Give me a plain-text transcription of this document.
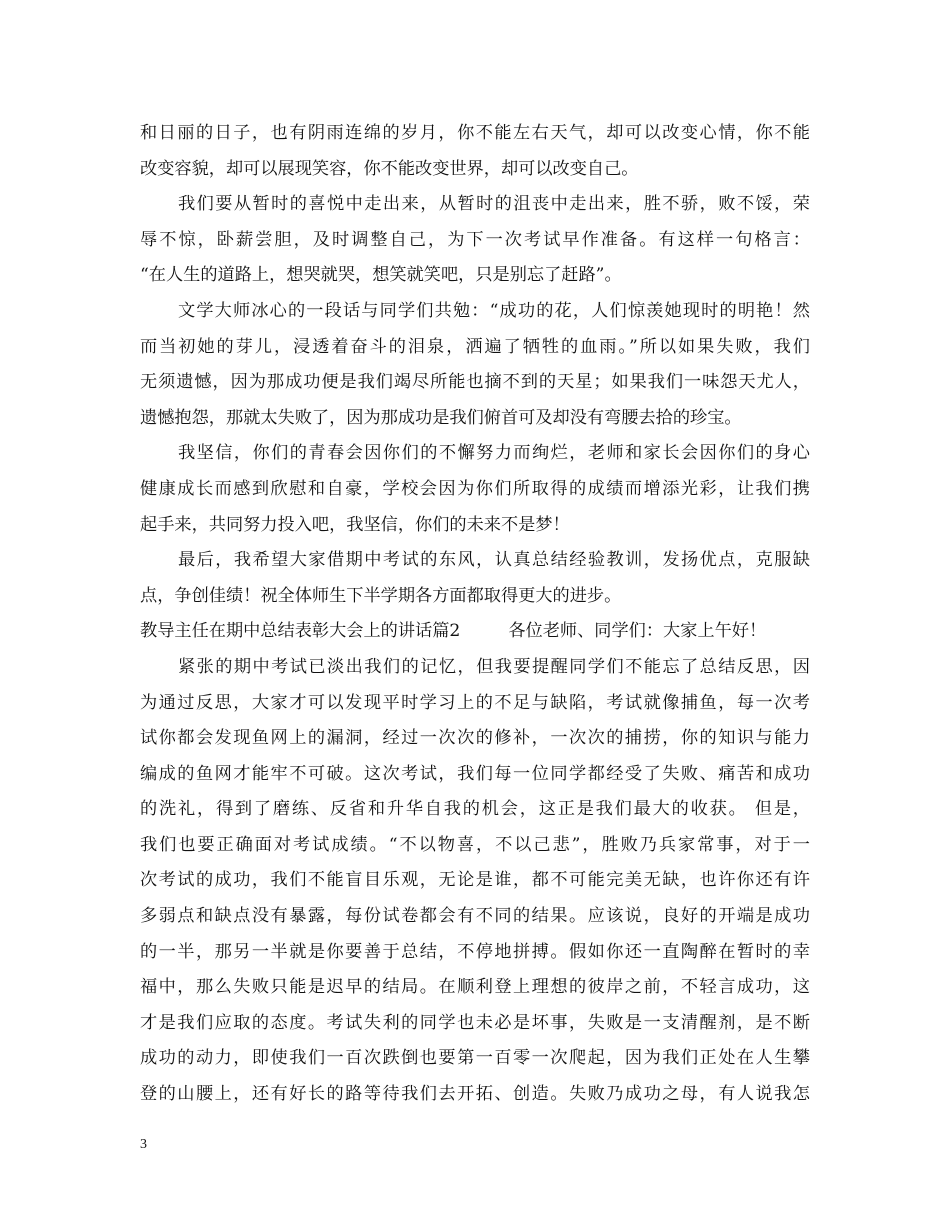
和日丽的日子，也有阴雨连绵的岁月，你不能左右天气，却可以改变心情，你不能
改变容貌，却可以展现笑容，你不能改变世界，却可以改变自己。
我们要从暂时的喜悦中走出来，从暂时的沮丧中走出来，胜不骄，败不馁，荣
辱不惊，卧薪尝胆，及时调整自己，为下一次考试早作准备。有这样一句格言：
“在人生的道路上，想哭就哭，想笑就笑吧，只是别忘了赶路”。
文学大师冰心的一段话与同学们共勉：“成功的花，人们惊羡她现时的明艳！然
而当初她的芽儿，浸透着奋斗的泪泉，洒遍了牺牲的血雨。”所以如果失败，我们
无须遗憾，因为那成功便是我们竭尽所能也摘不到的天星；如果我们一味怨天尤人，
遗憾抱怨，那就太失败了，因为那成功是我们俯首可及却没有弯腰去拾的珍宝。
我坚信，你们的青春会因你们的不懈努力而绚烂，老师和家长会因你们的身心
健康成长而感到欣慰和自豪，学校会因为你们所取得的成绩而增添光彩，让我们携
起手来，共同努力投入吧，我坚信，你们的未来不是梦！
最后，我希望大家借期中考试的东风，认真总结经验教训，发扬优点，克服缺
点，争创佳绩！祝全体师生下半学期各方面都取得更大的进步。
教导主任在期中总结表彰大会上的讲话篇2	各位老师、同学们：大家上午好！
紧张的期中考试已淡出我们的记忆，但我要提醒同学们不能忘了总结反思，因
为通过反思，大家才可以发现平时学习上的不足与缺陷，考试就像捕鱼，每一次考
试你都会发现鱼网上的漏洞，经过一次次的修补，一次次的捕捞，你的知识与能力
编成的鱼网才能牢不可破。这次考试，我们每一位同学都经受了失败、痛苦和成功
的洗礼，得到了磨练、反省和升华自我的机会，这正是我们最大的收获。 但是，
我们也要正确面对考试成绩。“不以物喜，不以己悲”，胜败乃兵家常事，对于一
次考试的成功，我们不能盲目乐观，无论是谁，都不可能完美无缺，也许你还有许
多弱点和缺点没有暴露，每份试卷都会有不同的结果。应该说，良好的开端是成功
的一半，那另一半就是你要善于总结，不停地拼搏。假如你还一直陶醉在暂时的幸
福中，那么失败只能是迟早的结局。在顺利登上理想的彼岸之前，不轻言成功，这
才是我们应取的态度。考试失利的同学也未必是坏事，失败是一支清醒剂，是不断
成功的动力，即使我们一百次跌倒也要第一百零一次爬起，因为我们正处在人生攀
登的山腰上，还有好长的路等待我们去开拓、创造。失败乃成功之母，有人说我怎
3
